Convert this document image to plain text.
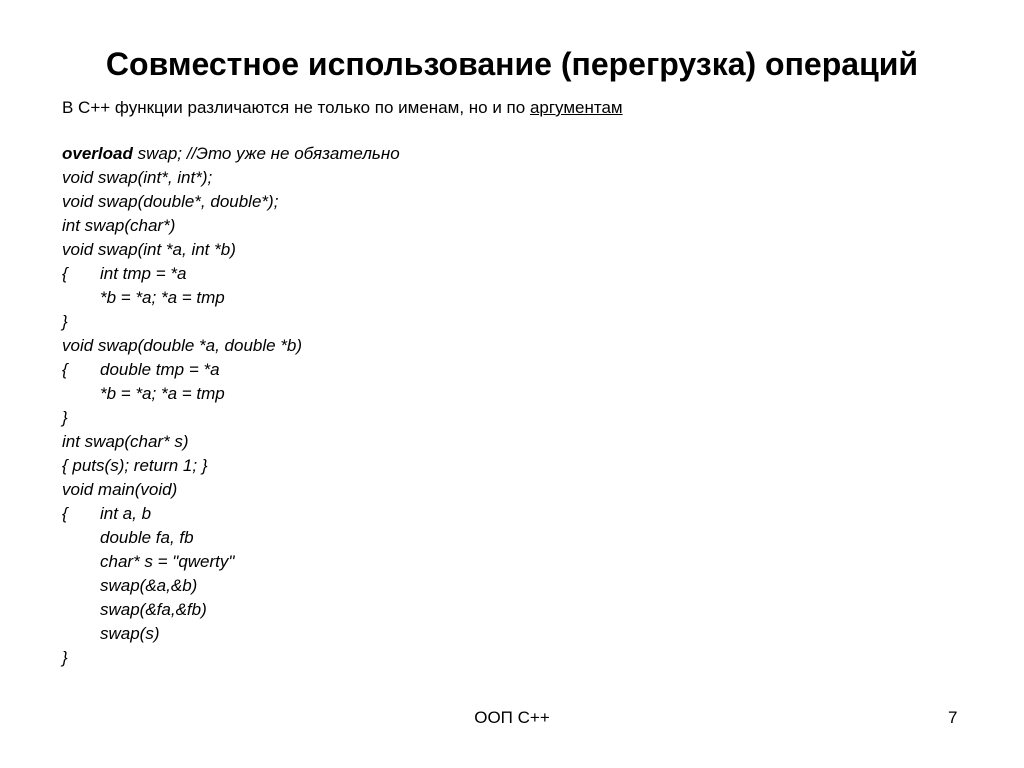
Совместное использование (перегрузка) операций
В С++ функции различаются не только по именам, но и по аргументам
overload swap; //Это уже не обязательно
void swap(int*, int*);
void swap(double*, double*);
int swap(char*)
void swap(int *a, int *b)
{ int tmp = *a
*b = *a; *a = tmp
}
void swap(double *a, double *b)
{ double tmp = *a
*b = *a; *a = tmp
}
int swap(char* s)
{ puts(s); return 1; }
void main(void)
{ int a, b
double fa, fb
char* s = "qwerty"
swap(&a,&b)
swap(&fa,&fb)
swap(s)
}
ООП С++	7
